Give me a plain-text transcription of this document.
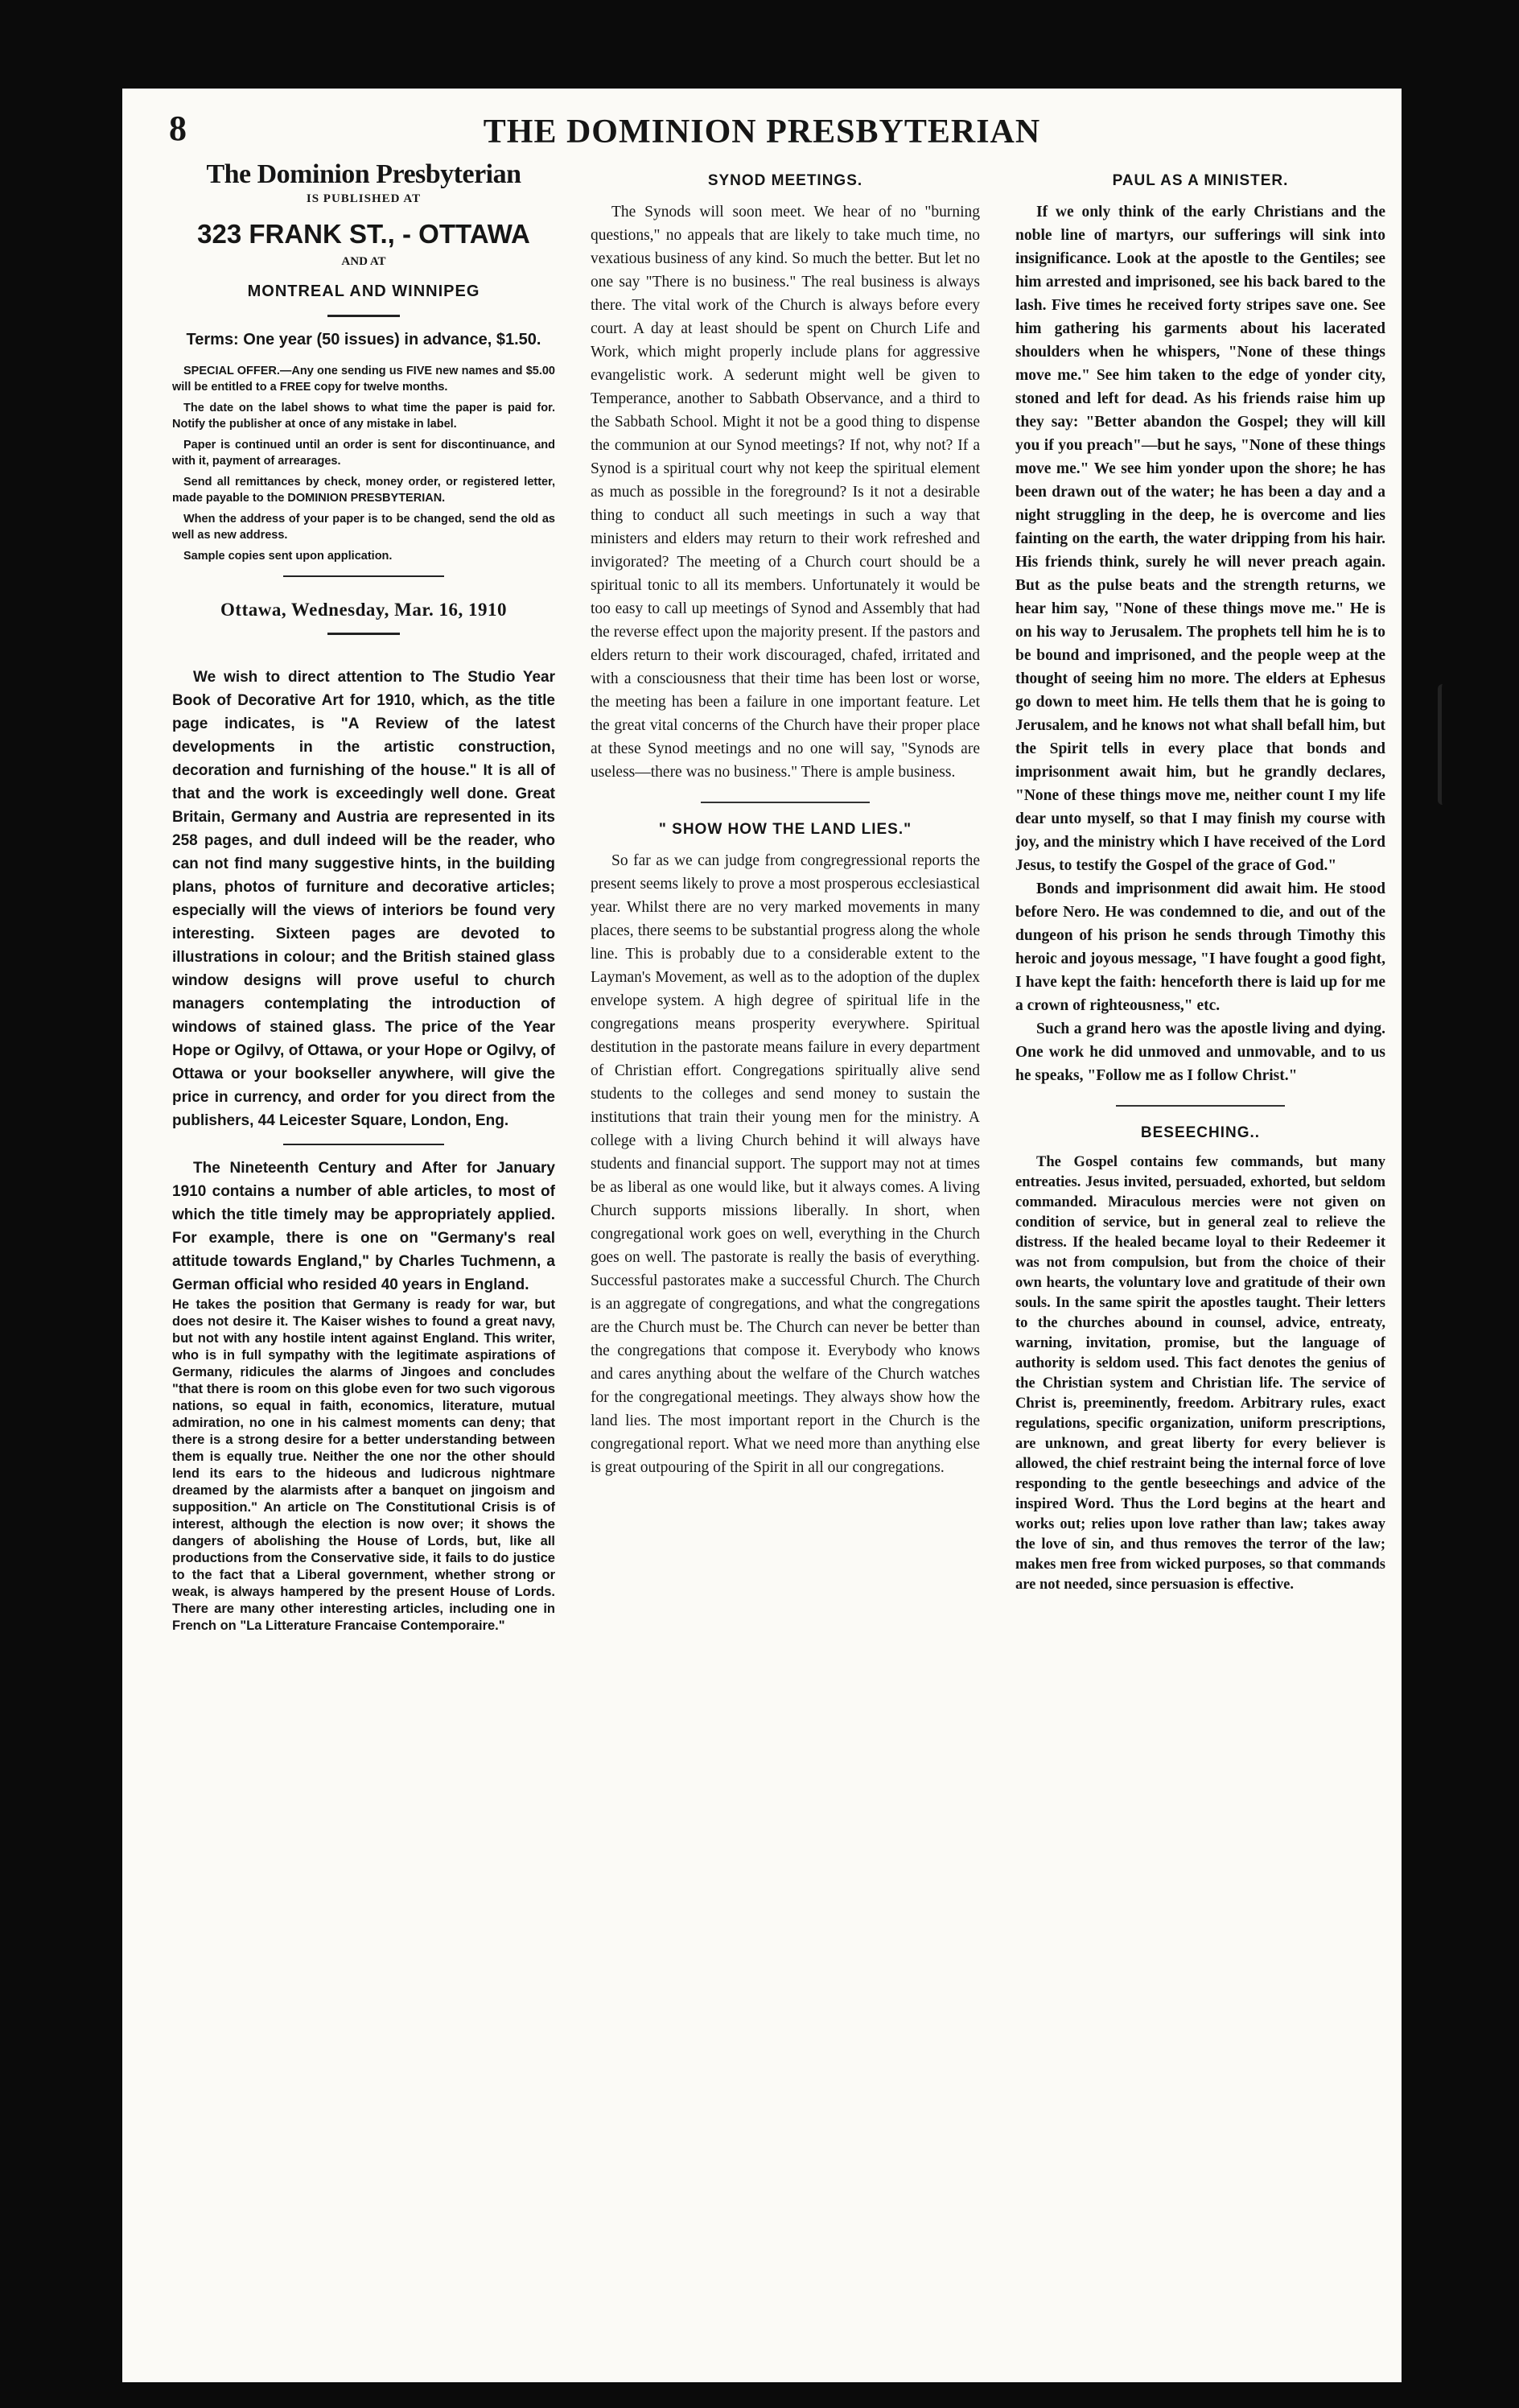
8	THE DOMINION PRESBYTERIAN
The Dominion Presbyterian
IS PUBLISHED AT
323 FRANK ST., - OTTAWA
AND AT
MONTREAL AND WINNIPEG
Terms: One year (50 issues) in advance, $1.50.
SPECIAL OFFER.—Any one sending us FIVE new names and $5.00 will be entitled to a FREE copy for twelve months.
The date on the label shows to what time the paper is paid for. Notify the publisher at once of any mistake in label.
Paper is continued until an order is sent for discontinuance, and with it, payment of arrearages.
Send all remittances by check, money order, or registered letter, made payable to the DOMINION PRESBYTERIAN.
When the address of your paper is to be changed, send the old as well as new address.
Sample copies sent upon application.
Ottawa, Wednesday, Mar. 16, 1910

We wish to direct attention to The Studio Year Book of Decorative Art for 1910, which, as the title page indicates, is "A Review of the latest developments in the artistic construction, decoration and furnishing of the house." It is all of that and the work is exceedingly well done. Great Britain, Germany and Austria are represented in its 258 pages, and dull indeed will be the reader, who can not find many suggestive hints, in the building plans, photos of furniture and decorative articles; especially will the views of interiors be found very interesting. Sixteen pages are devoted to illustrations in colour; and the British stained glass window designs will prove useful to church managers contemplating the introduction of windows of stained glass. The price of the Year Hope or Ogilvy, of Ottawa, or your Hope or Ogilvy, of Ottawa or your bookseller anywhere, will give the price in currency, and order for you direct from the publishers, 44 Leicester Square, London, Eng.

The Nineteenth Century and After for January 1910 contains a number of able articles, to most of which the title timely may be appropriately applied. For example, there is one on "Germany's real attitude towards England," by Charles Tuchmenn, a German official who resided 40 years in England.

He takes the position that Germany is ready for war, but does not desire it. The Kaiser wishes to found a great navy, but not with any hostile intent against England. This writer, who is in full sympathy with the legitimate aspirations of Germany, ridicules the alarms of Jingoes and concludes "that there is room on this globe even for two such vigorous nations, so equal in faith, economics, literature, mutual admiration, no one in his calmest moments can deny; that there is a strong desire for a better understanding between them is equally true. Neither the one nor the other should lend its ears to the hideous and ludicrous nightmare dreamed by the alarmists after a banquet on jingoism and supposition." An article on The Constitutional Crisis is of interest, although the election is now over; it shows the dangers of abolishing the House of Lords, but, like all productions from the Conservative side, it fails to do justice to the fact that a Liberal government, whether strong or weak, is always hampered by the present House of Lords. There are many other interesting articles, including one in French on "La Litterature Francaise Contemporaire."

SYNOD MEETINGS.

The Synods will soon meet. We hear of no "burning questions," no appeals that are likely to take much time, no vexatious business of any kind. So much the better. But let no one say "There is no business." The real business is always there. The vital work of the Church is always before every court. A day at least should be spent on Church Life and Work, which might properly include plans for aggressive evangelistic work. A sederunt might well be given to Temperance, another to Sabbath Observance, and a third to the Sabbath School. Might it not be a good thing to dispense the communion at our Synod meetings? If not, why not? If a Synod is a spiritual court why not keep the spiritual element as much as possible in the foreground? Is it not a desirable thing to conduct all such meetings in such a way that ministers and elders may return to their work refreshed and invigorated? The meeting of a Church court should be a spiritual tonic to all its members. Unfortunately it would be too easy to call up meetings of Synod and Assembly that had the reverse effect upon the majority present. If the pastors and elders return to their work discouraged, chafed, irritated and with a consciousness that their time has been lost or worse, the meeting has been a failure in one important feature. Let the great vital concerns of the Church have their proper place at these Synod meetings and no one will say, "Synods are useless—there was no business." There is ample business.

" SHOW HOW THE LAND LIES."

So far as we can judge from congregressional reports the present seems likely to prove a most prosperous ecclesiastical year. Whilst there are no very marked movements in many places, there seems to be substantial progress along the whole line. This is probably due to a considerable extent to the Layman's Movement, as well as to the adoption of the duplex envelope system. A high degree of spiritual life in the congregations means prosperity everywhere. Spiritual destitution in the pastorate means failure in every department of Christian effort. Congregations spiritually alive send students to the colleges and send money to sustain the institutions that train their young men for the ministry. A college with a living Church behind it will always have students and financial support. The support may not at times be as liberal as one would like, but it always comes. A living Church supports missions liberally. In short, when congregational work goes on well, everything in the Church goes on well. The pastorate is really the basis of everything. Successful pastorates make a successful Church. The Church is an aggregate of congregations, and what the congregations are the Church must be. The Church can never be better than the congregations that compose it. Everybody who knows and cares anything about the welfare of the Church watches for the congregational meetings. They always show how the land lies. The most important report in the Church is the congregational report. What we need more than anything else is great outpouring of the Spirit in all our congregations.

PAUL AS A MINISTER.

If we only think of the early Christians and the noble line of martyrs, our sufferings will sink into insignificance. Look at the apostle to the Gentiles; see him arrested and imprisoned, see his back bared to the lash. Five times he received forty stripes save one. See him gathering his garments about his lacerated shoulders when he whispers, "None of these things move me." See him taken to the edge of yonder city, stoned and left for dead. As his friends raise him up they say: "Better abandon the Gospel; they will kill you if you preach"—but he says, "None of these things move me." We see him yonder upon the shore; he has been drawn out of the water; he has been a day and a night struggling in the deep, he is overcome and lies fainting on the earth, the water dripping from his hair. His friends think, surely he will never preach again. But as the pulse beats and the strength returns, we hear him say, "None of these things move me." He is on his way to Jerusalem. The prophets tell him he is to be bound and imprisoned, and the people weep at the thought of seeing him no more. The elders at Ephesus go down to meet him. He tells them that he is going to Jerusalem, and he knows not what shall befall him, but the Spirit tells in every place that bonds and imprisonment await him, but he grandly declares, "None of these things move me, neither count I my life dear unto myself, so that I may finish my course with joy, and the ministry which I have received of the Lord Jesus, to testify the Gospel of the grace of God."

Bonds and imprisonment did await him. He stood before Nero. He was condemned to die, and out of the dungeon of his prison he sends through Timothy this heroic and joyous message, "I have fought a good fight, I have kept the faith: henceforth there is laid up for me a crown of righteousness," etc.

Such a grand hero was the apostle living and dying. One work he did unmoved and unmovable, and to us he speaks, "Follow me as I follow Christ."

BESEECHING..

The Gospel contains few commands, but many entreaties. Jesus invited, persuaded, exhorted, but seldom commanded. Miraculous mercies were not given on condition of service, but in general zeal to relieve the distress. If the healed became loyal to their Redeemer it was not from compulsion, but from the choice of their own hearts, the voluntary love and gratitude of their own souls. In the same spirit the apostles taught. Their letters to the churches abound in counsel, advice, entreaty, warning, invitation, promise, but the language of authority is seldom used. This fact denotes the genius of the Christian system and Christian life. The service of Christ is, preeminently, freedom. Arbitrary rules, exact regulations, specific organization, uniform prescriptions, are unknown, and great liberty for every believer is allowed, the chief restraint being the internal force of love responding to the gentle beseechings and advice of the inspired Word. Thus the Lord begins at the heart and works out; relies upon love rather than law; takes away the love of sin, and thus removes the terror of the law; makes men free from wicked purposes, so that commands are not needed, since persuasion is effective.
